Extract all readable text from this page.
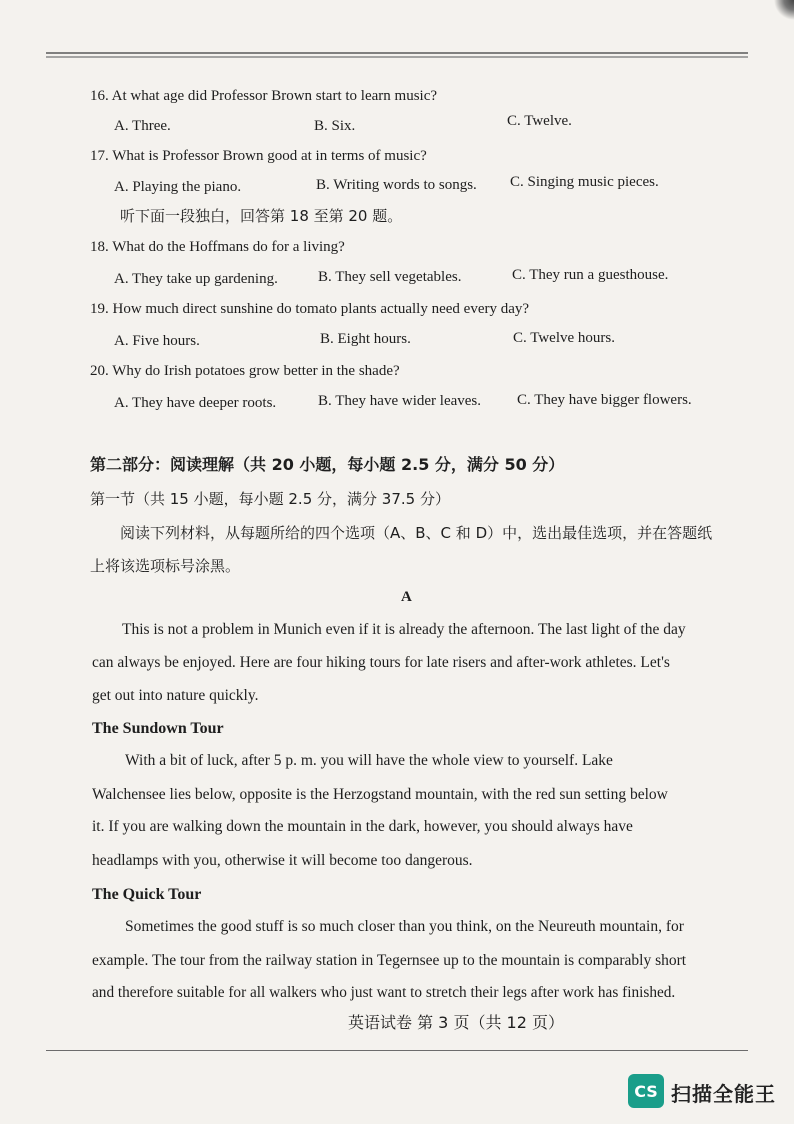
16. At what age did Professor Brown start to learn music?
A. Three.	B. Six.	C. Twelve.
17. What is Professor Brown good at in terms of music?
A. Playing the piano.	B. Writing words to songs. C. Singing music pieces.
听下面一段独白，回答第 18 至第 20 题。
18. What do the Hoffmans do for a living?
A. They take up gardening.	B. They sell vegetables.	C. They run a guesthouse.
19. How much direct sunshine do tomato plants actually need every day?
A. Five hours.	B. Eight hours.	C. Twelve hours.
20. Why do Irish potatoes grow better in the shade?
A. They have deeper roots.	B. They have wider leaves. C. They have bigger flowers.
第二部分：阅读理解（共 20 小题，每小题 2.5 分，满分 50 分）
第一节（共 15 小题，每小题 2.5 分，满分 37.5 分）
阅读下列材料，从每题所给的四个选项（A、B、C 和 D）中，选出最佳选项，并在答题纸
上将该选项标号涂黑。
A
This is not a problem in Munich even if it is already the afternoon. The last light of the day
can always be enjoyed. Here are four hiking tours for late risers and after-work athletes. Let's
get out into nature quickly.
The Sundown Tour
With a bit of luck, after 5 p. m. you will have the whole view to yourself. Lake
Walchensee lies below, opposite is the Herzogstand mountain, with the red sun setting below
it. If you are walking down the mountain in the dark, however, you should always have
headlamps with you, otherwise it will become too dangerous.
The Quick Tour
Sometimes the good stuff is so much closer than you think, on the Neureuth mountain, for
example. The tour from the railway station in Tegernsee up to the mountain is comparably short
and therefore suitable for all walkers who just want to stretch their legs after work has finished.
英语试卷 第 3 页（共 12 页）
CS 扫描全能王
